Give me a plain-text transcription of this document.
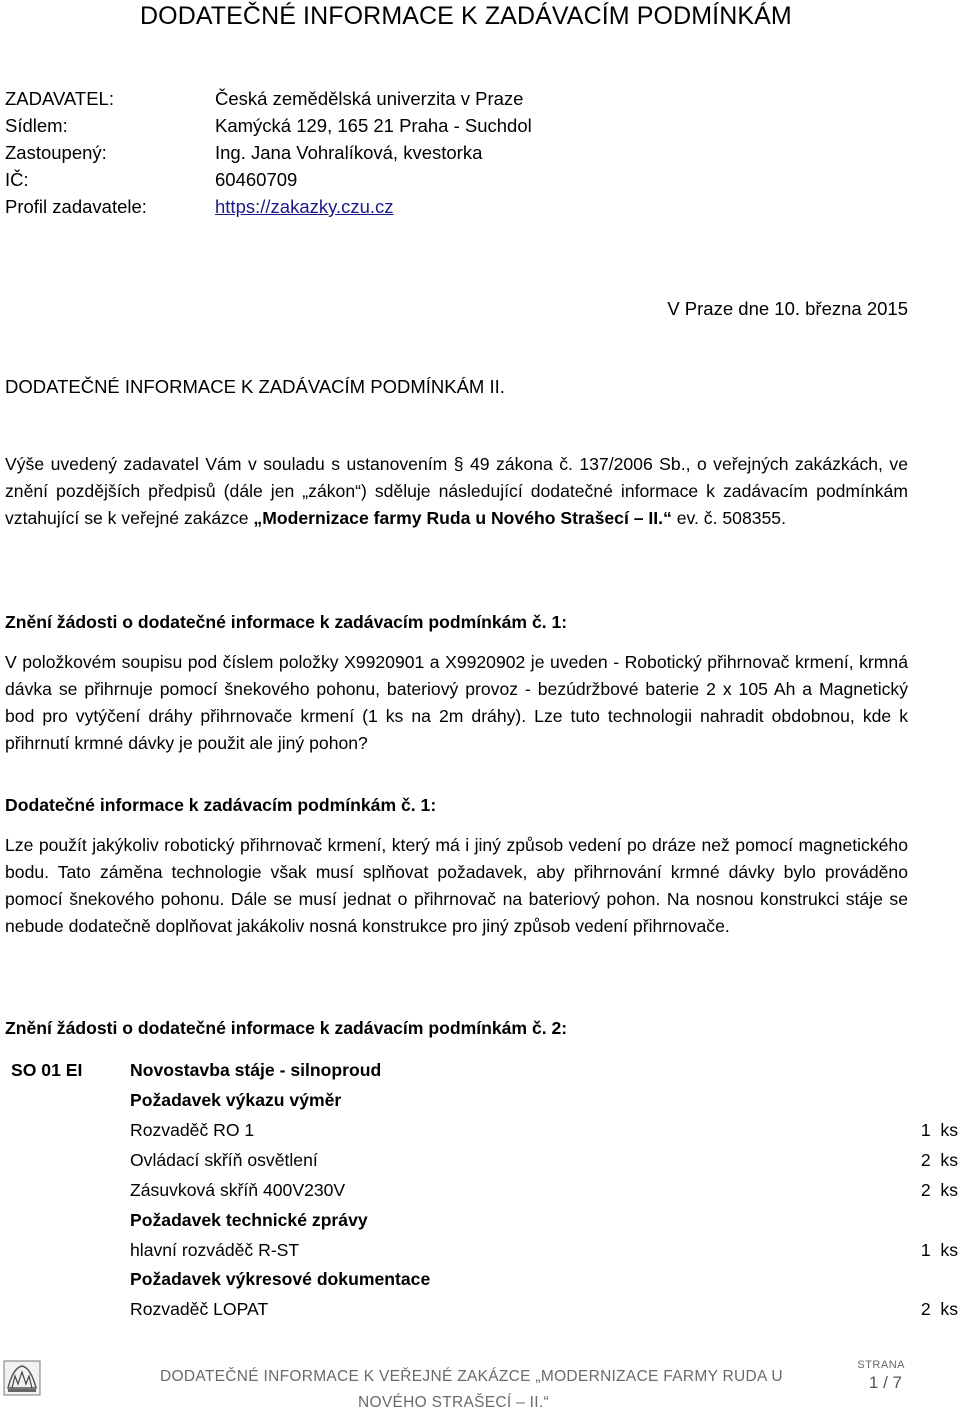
DODATEČNÉ INFORMACE K ZADÁVACÍM PODMÍNKÁM
ZADAVATEL:	Česká zemědělská univerzita v Praze
Sídlem:	Kamýcká 129, 165 21 Praha - Suchdol
Zastoupený:	Ing. Jana Vohralíková, kvestorka
IČ:	60460709
Profil zadavatele:	https://zakazky.czu.cz
V Praze dne 10. března 2015
DODATEČNÉ INFORMACE K ZADÁVACÍM PODMÍNKÁM II.
Výše uvedený zadavatel Vám v souladu s ustanovením § 49 zákona č. 137/2006 Sb., o veřejných zakázkách, ve znění pozdějších předpisů (dále jen „zákon“) sděluje následující dodatečné informace k zadávacím podmínkám vztahující se k veřejné zakázce „Modernizace farmy Ruda u Nového Strašecí – II.“ ev. č. 508355.
Znění žádosti o dodatečné informace k zadávacím podmínkám č. 1:
V položkovém soupisu pod číslem položky X9920901 a X9920902 je uveden - Robotický přihrnovač krmení, krmná dávka se přihrnuje pomocí šnekového pohonu, bateriový provoz - bezúdržbové baterie 2 x 105 Ah a Magnetický bod pro vytýčení dráhy přihrnovače krmení (1 ks na 2m dráhy). Lze tuto technologii nahradit obdobnou, kde k přihrnutí krmné dávky je použit ale jiný pohon?
Dodatečné informace k zadávacím podmínkám č. 1:
Lze použít jakýkoliv robotický přihrnovač krmení, který má i jiný způsob vedení po dráze než pomocí magnetického bodu. Tato záměna technologie však musí splňovat požadavek, aby přihrnování krmné dávky bylo prováděno pomocí šnekového pohonu. Dále se musí jednat o přihrnovač na bateriový pohon. Na nosnou konstrukci stáje se nebude dodatečně doplňovat jakákoliv nosná konstrukce pro jiný způsob vedení přihrnovače.
Znění žádosti o dodatečné informace k zadávacím podmínkám č. 2:
SO 01 EI	Novostavba stáje - silnoproud
Požadavek výkazu výměr
Rozvaděč RO 1	1  ks
Ovládací skříň osvětlení	2  ks
Zásuvková skříň 400V230V	2  ks
Požadavek technické zprávy
hlavní rozváděč R-ST	1  ks
Požadavek výkresové dokumentace
Rozvaděč LOPAT	2  ks
DODATEČNÉ INFORMACE K VEŘEJNÉ ZAKÁZCE „MODERNIZACE FARMY RUDA U
NOVÉHO STRAŠECÍ – II.“
STRANA
1 / 7
